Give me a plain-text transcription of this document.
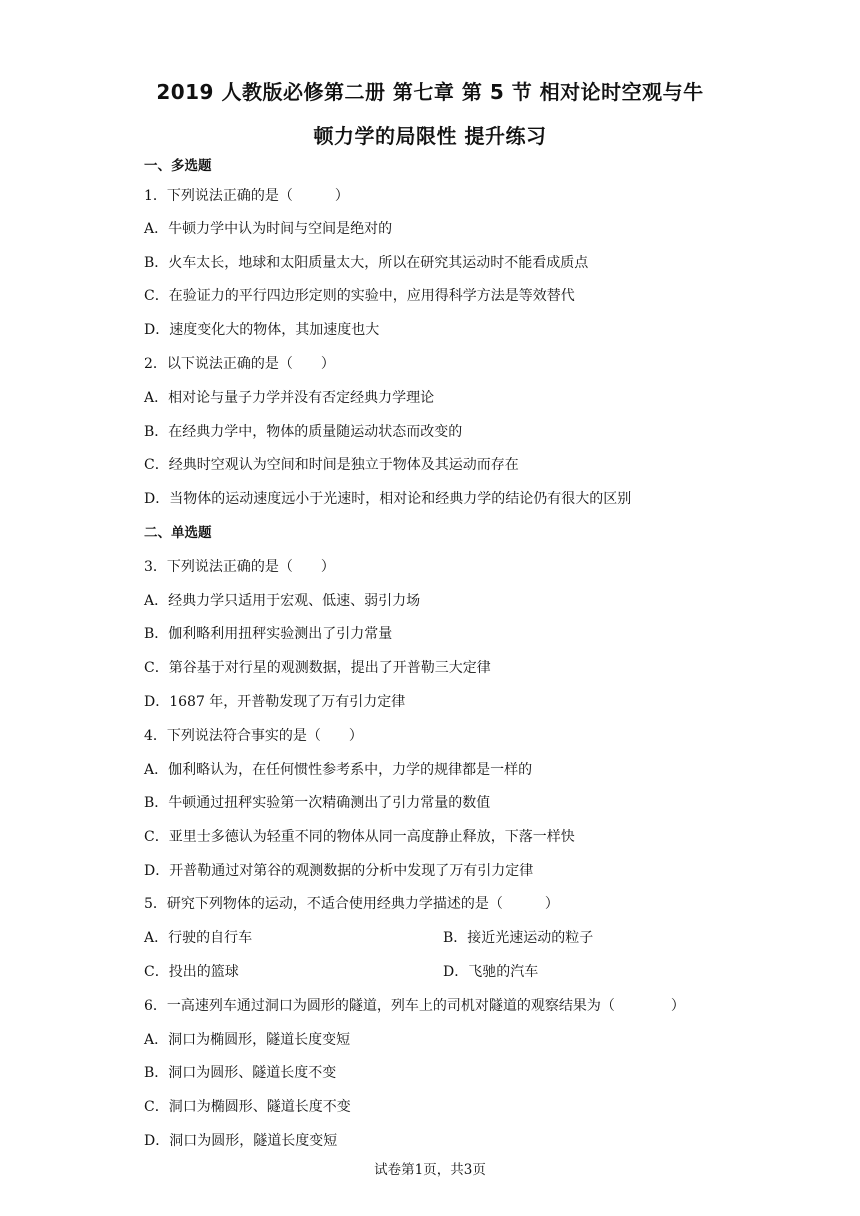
2019 人教版必修第二册 第七章 第 5 节 相对论时空观与牛
顿力学的局限性 提升练习
一、多选题
1．下列说法正确的是（　　　）
A．牛顿力学中认为时间与空间是绝对的
B．火车太长，地球和太阳质量太大，所以在研究其运动时不能看成质点
C．在验证力的平行四边形定则的实验中，应用得科学方法是等效替代
D．速度变化大的物体，其加速度也大
2．以下说法正确的是（　　）
A．相对论与量子力学并没有否定经典力学理论
B．在经典力学中，物体的质量随运动状态而改变的
C．经典时空观认为空间和时间是独立于物体及其运动而存在
D．当物体的运动速度远小于光速时，相对论和经典力学的结论仍有很大的区别
二、单选题
3．下列说法正确的是（　　）
A．经典力学只适用于宏观、低速、弱引力场
B．伽利略利用扭秤实验测出了引力常量
C．第谷基于对行星的观测数据，提出了开普勒三大定律
D．1687 年，开普勒发现了万有引力定律
4．下列说法符合事实的是（　　）
A．伽利略认为，在任何惯性参考系中，力学的规律都是一样的
B．牛顿通过扭秤实验第一次精确测出了引力常量的数值
C．亚里士多德认为轻重不同的物体从同一高度静止释放，下落一样快
D．开普勒通过对第谷的观测数据的分析中发现了万有引力定律
5．研究下列物体的运动，不适合使用经典力学描述的是（　　　）
A．行驶的自行车	B．接近光速运动的粒子
C．投出的篮球	D．飞驰的汽车
6．一高速列车通过洞口为圆形的隧道，列车上的司机对隧道的观察结果为（　　　　）
A．洞口为椭圆形，隧道长度变短
B．洞口为圆形、隧道长度不变
C．洞口为椭圆形、隧道长度不变
D．洞口为圆形，隧道长度变短
试卷第1页，共3页
